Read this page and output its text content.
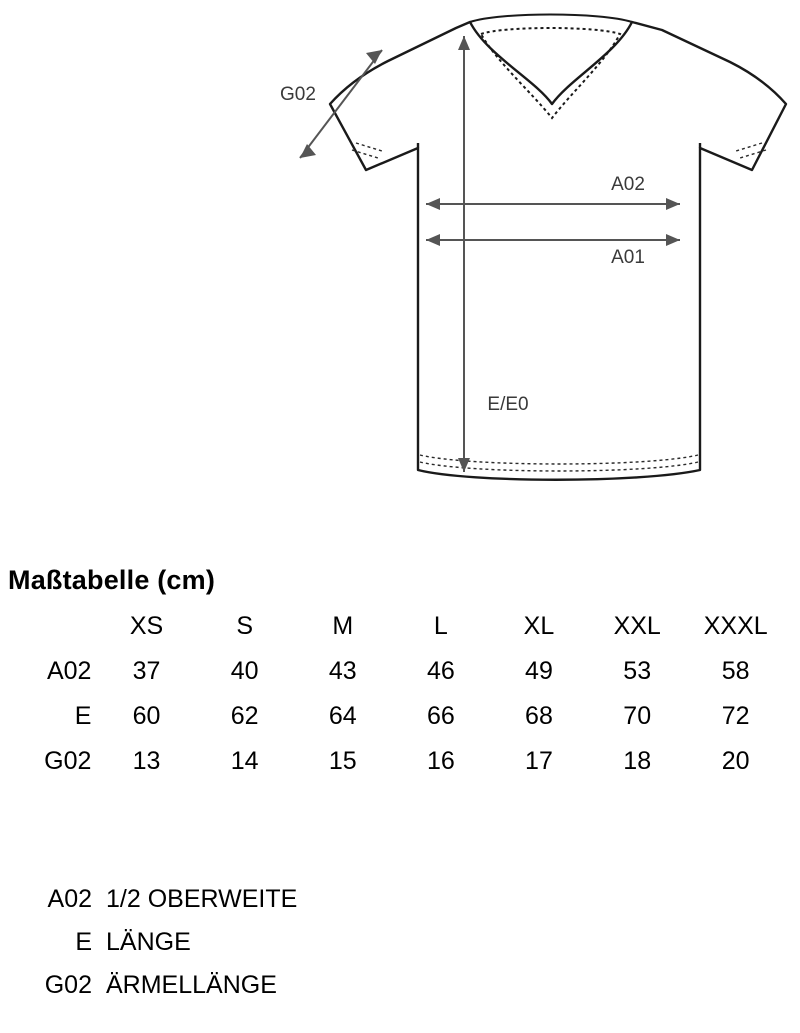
G02
A02
A01
E/E0
Maßtabelle (cm)
	XS	S	M	L	XL	XXL	XXXL
A02	37	40	43	46	49	53	58
E	60	62	64	66	68	70	72
G02	13	14	15	16	17	18	20
A02 1/2 OBERWEITE
E LÄNGE
G02 ÄRMELLÄNGE
